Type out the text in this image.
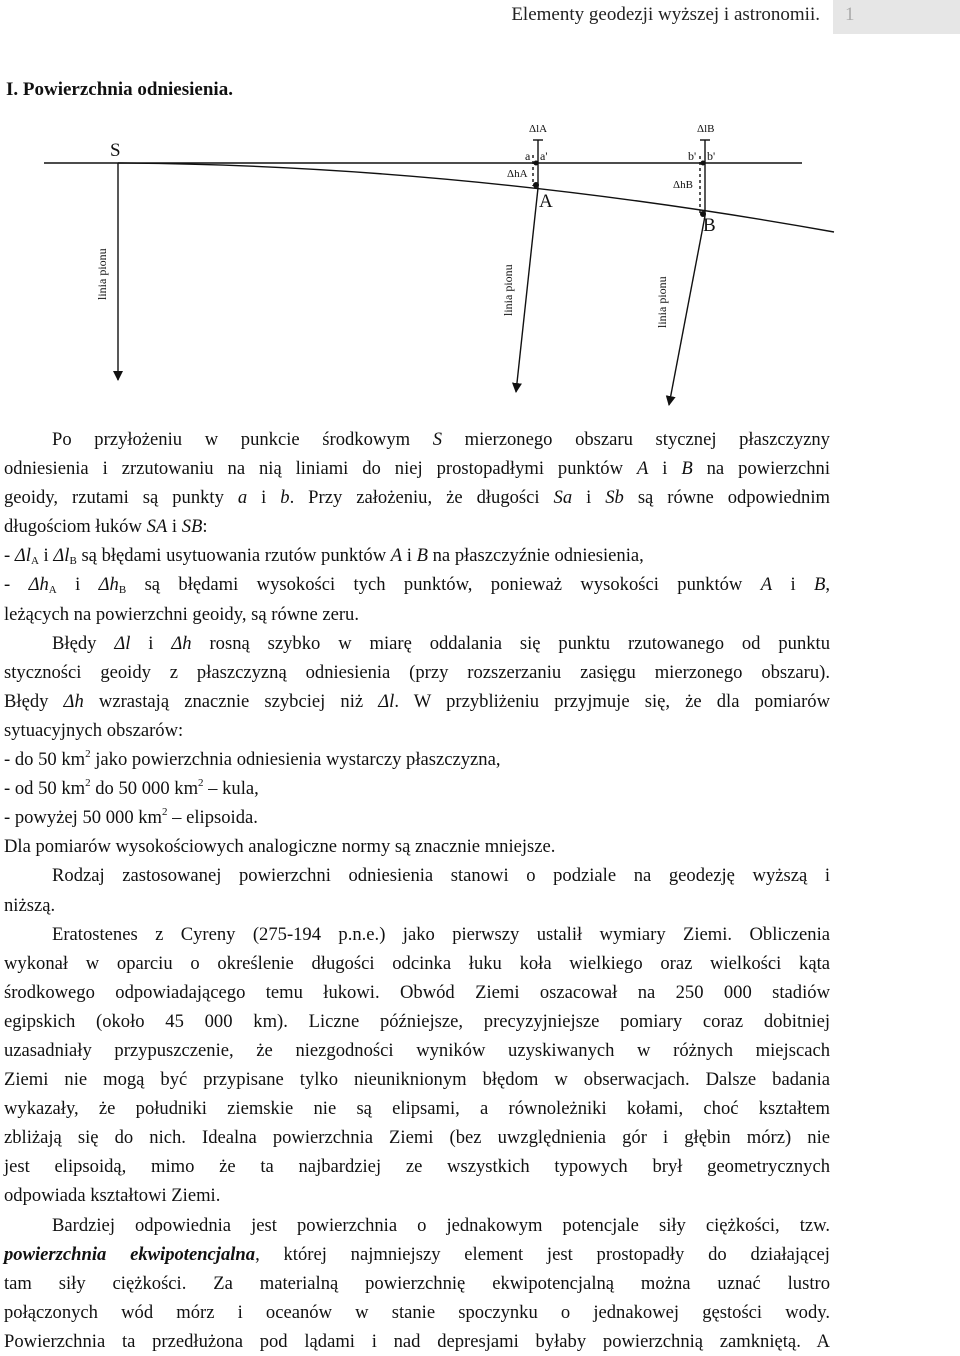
Elementy geodezji wyższej i astronomii. 1
I. Powierzchnia odniesienia.
S
A
B
a a'	b' b'
ΔlA	ΔlB
ΔhA
ΔhB
linia pionu	linia pionu	linia pionu

Po przyłożeniu w punkcie środkowym S mierzonego obszaru stycznej płaszczyzny

odniesienia i zrzutowaniu na nią liniami do niej prostopadłymi punktów A i B na powierzchni

geoidy, rzutami są punkty a i b. Przy założeniu, że długości Sa i Sb są równe odpowiednim

długościom łuków SA i SB:

- $\Delta l_A$ i $\Delta l_B$ są błędami usytuowania rzutów punktów A i B na płaszczyźnie odniesienia,

- $\Delta h_A$ i $\Delta h_B$ są błędami wysokości tych punktów, ponieważ wysokości punktów A i B,

leżących na powierzchni geoidy, są równe zeru.

Błędy Δl i Δh rosną szybko w miarę oddalania się punktu rzutowanego od punktu

styczności geoidy z płaszczyzną odniesienia (przy rozszerzaniu zasięgu mierzonego obszaru).

Błędy Δh wzrastają znacznie szybciej niż Δl. W przybliżeniu przyjmuje się, że dla pomiarów

sytuacyjnych obszarów:

- do 50 $km^2$ jako powierzchnia odniesienia wystarczy płaszczyzna,

- od 50 $km^2$ do 50 000 $km^2$ – kula,

- powyżej 50 000 $km^2$ – elipsoida.

Dla pomiarów wysokościowych analogiczne normy są znacznie mniejsze.

Rodzaj zastosowanej powierzchni odniesienia stanowi o podziale na geodezję wyższą i

niższą.

Eratostenes z Cyreny (275-194 p.n.e.) jako pierwszy ustalił wymiary Ziemi. Obliczenia

wykonał w oparciu o określenie długości odcinka łuku koła wielkiego oraz wielkości kąta

środkowego odpowiadającego temu łukowi. Obwód Ziemi oszacował na 250 000 stadiów

egipskich (około 45 000 km). Liczne późniejsze, precyzyjniejsze pomiary coraz dobitniej

uzasadniały przypuszczenie, że niezgodności wyników uzyskiwanych w różnych miejscach

Ziemi nie mogą być przypisane tylko nieuniknionym błędom w obserwacjach. Dalsze badania

wykazały, że południki ziemskie nie są elipsami, a równoleżniki kołami, choć kształtem

zbliżają się do nich. Idealna powierzchnia Ziemi (bez uwzględnienia gór i głębin mórz) nie

jest elipsoidą, mimo że ta najbardziej ze wszystkich typowych brył geometrycznych

odpowiada kształtowi Ziemi.

Bardziej odpowiednia jest powierzchnia o jednakowym potencjale siły ciężkości, tzw.

powierzchnia ekwipotencjalna, której najmniejszy element jest prostopadły do działającej

tam siły ciężkości. Za materialną powierzchnię ekwipotencjalną można uznać lustro

połączonych wód mórz i oceanów w stanie spoczynku o jednakowej gęstości wody.

Powierzchnia ta przedłużona pod lądami i nad depresjami byłaby powierzchnią zamkniętą. A
